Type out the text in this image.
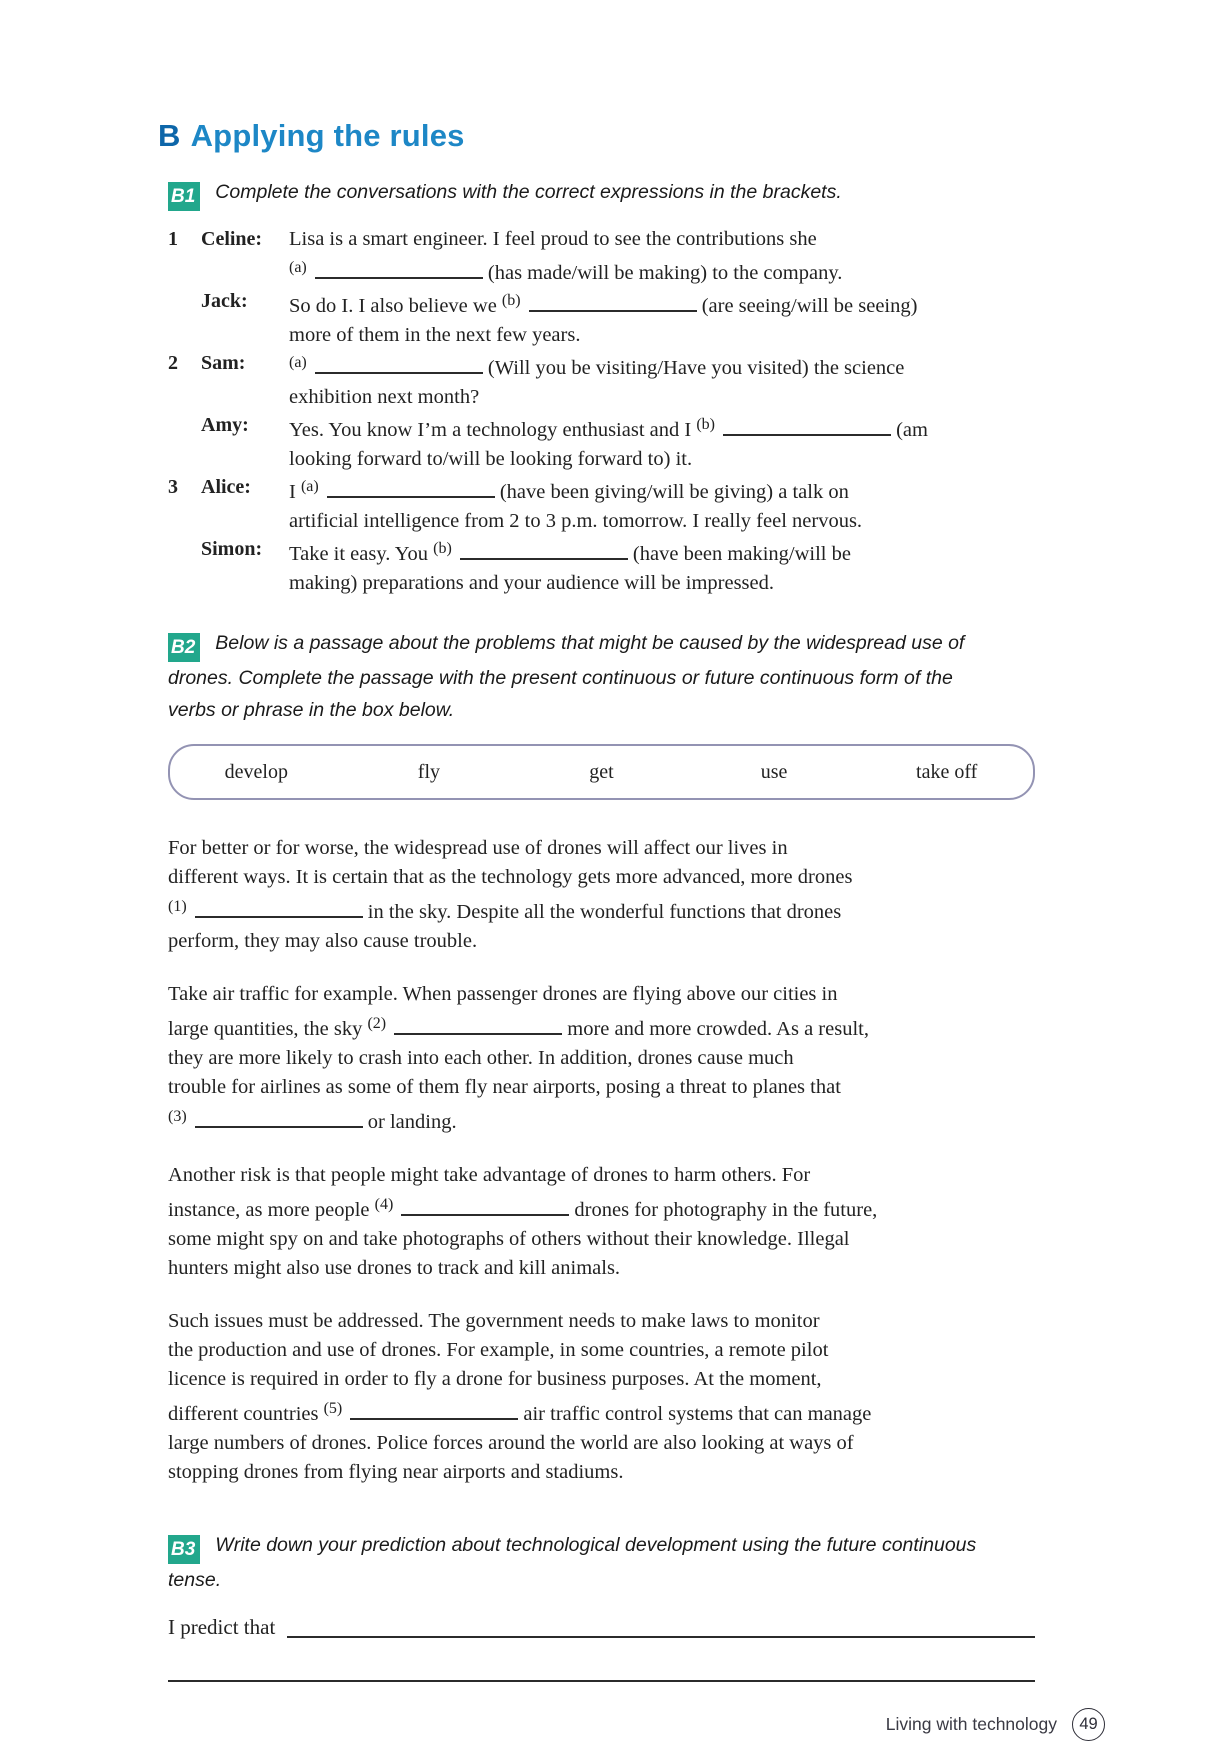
B Applying the rules
B1 Complete the conversations with the correct expressions in the brackets.
1	Celine:	Lisa is a smart engineer. I feel proud to see the contributions she
$^{(a)}$	(has made/will be making) to the company.
Jack:	So do I. I also believe we $^{(b)}$	(are seeing/will be seeing)
more of them in the next few years.
2	Sam:	$^{(a)}$	(Will you be visiting/Have you visited) the science
exhibition next month?
Amy:	Yes. You know I’m a technology enthusiast and I $^{(b)}$	(am
looking forward to/will be looking forward to) it.
3	Alice:	I $^{(a)}$	(have been giving/will be giving) a talk on
artificial intelligence from 2 to 3 p.m. tomorrow. I really feel nervous.
Simon:	Take it easy. You $^{(b)}$	(have been making/will be
making) preparations and your audience will be impressed.
B2 Below is a passage about the problems that might be caused by the widespread use of
drones. Complete the passage with the present continuous or future continuous form of the
verbs or phrase in the box below.
develop	fly	get	use	take off
For better or for worse, the widespread use of drones will affect our lives in
different ways. It is certain that as the technology gets more advanced, more drones
$^{(1)}$	in the sky. Despite all the wonderful functions that drones
perform, they may also cause trouble.
Take air traffic for example. When passenger drones are flying above our cities in
large quantities, the sky $^{(2)}$	more and more crowded. As a result,
they are more likely to crash into each other. In addition, drones cause much
trouble for airlines as some of them fly near airports, posing a threat to planes that
$^{(3)}$	or landing.
Another risk is that people might take advantage of drones to harm others. For
instance, as more people $^{(4)}$	drones for photography in the future,
some might spy on and take photographs of others without their knowledge. Illegal
hunters might also use drones to track and kill animals.
Such issues must be addressed. The government needs to make laws to monitor
the production and use of drones. For example, in some countries, a remote pilot
licence is required in order to fly a drone for business purposes. At the moment,
different countries $^{(5)}$	air traffic control systems that can manage
large numbers of drones. Police forces around the world are also looking at ways of
stopping drones from flying near airports and stadiums.
B3 Write down your prediction about technological development using the future continuous
tense.
I predict that
Living with technology	49
